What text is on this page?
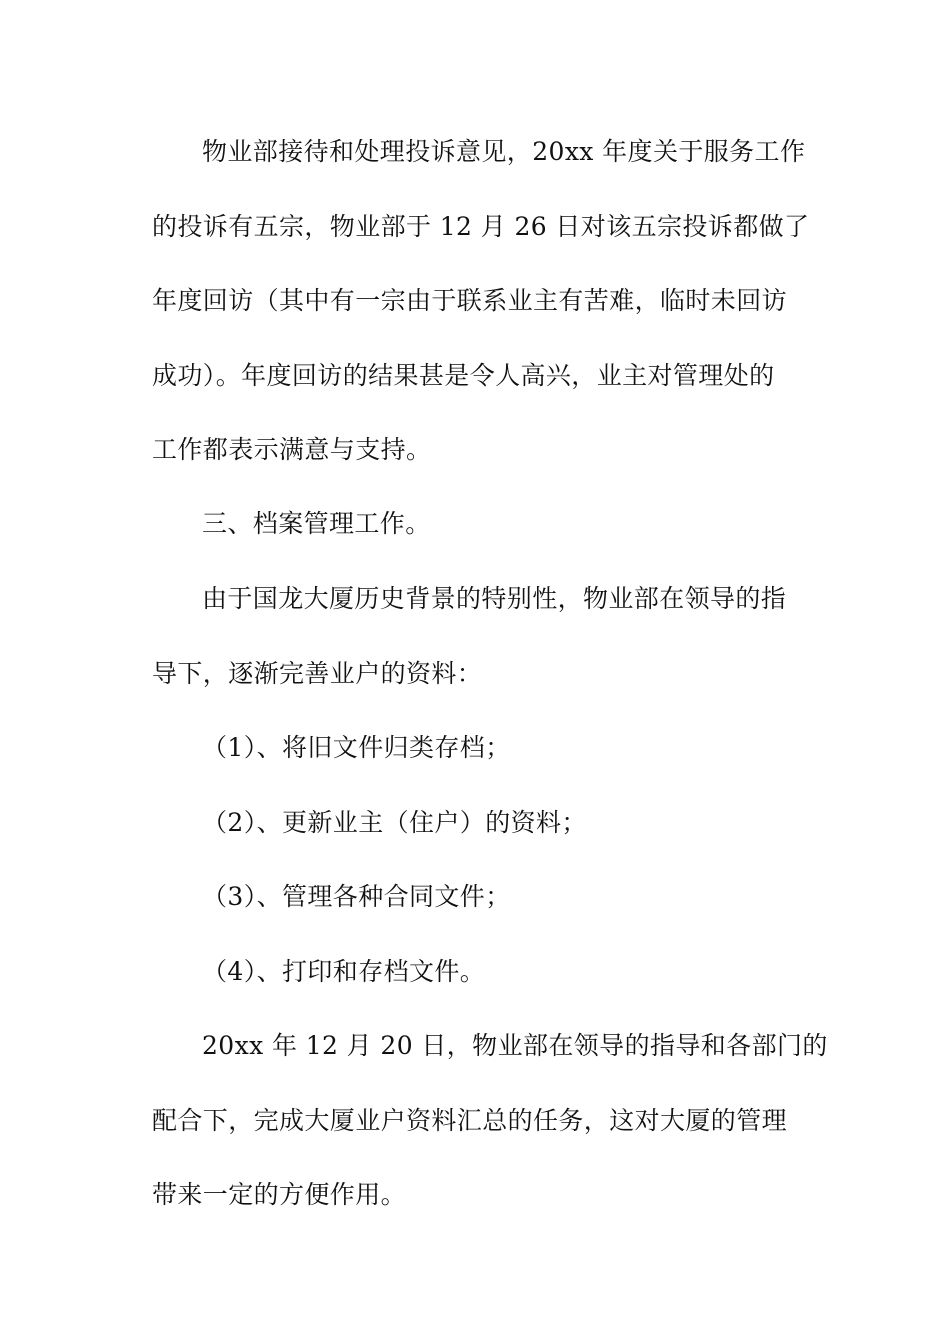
物业部接待和处理投诉意见，20xx 年度关于服务工作
的投诉有五宗，物业部于 12 月 26 日对该五宗投诉都做了
年度回访（其中有一宗由于联系业主有苦难，临时未回访
成功）。年度回访的结果甚是令人高兴，业主对管理处的
工作都表示满意与支持。

三、档案管理工作。

由于国龙大厦历史背景的特别性，物业部在领导的指
导下，逐渐完善业户的资料：

（1）、将旧文件归类存档；

（2）、更新业主（住户）的资料；

（3）、管理各种合同文件；

（4）、打印和存档文件。

20xx 年 12 月 20 日，物业部在领导的指导和各部门的
配合下，完成大厦业户资料汇总的任务，这对大厦的管理
带来一定的方便作用。
